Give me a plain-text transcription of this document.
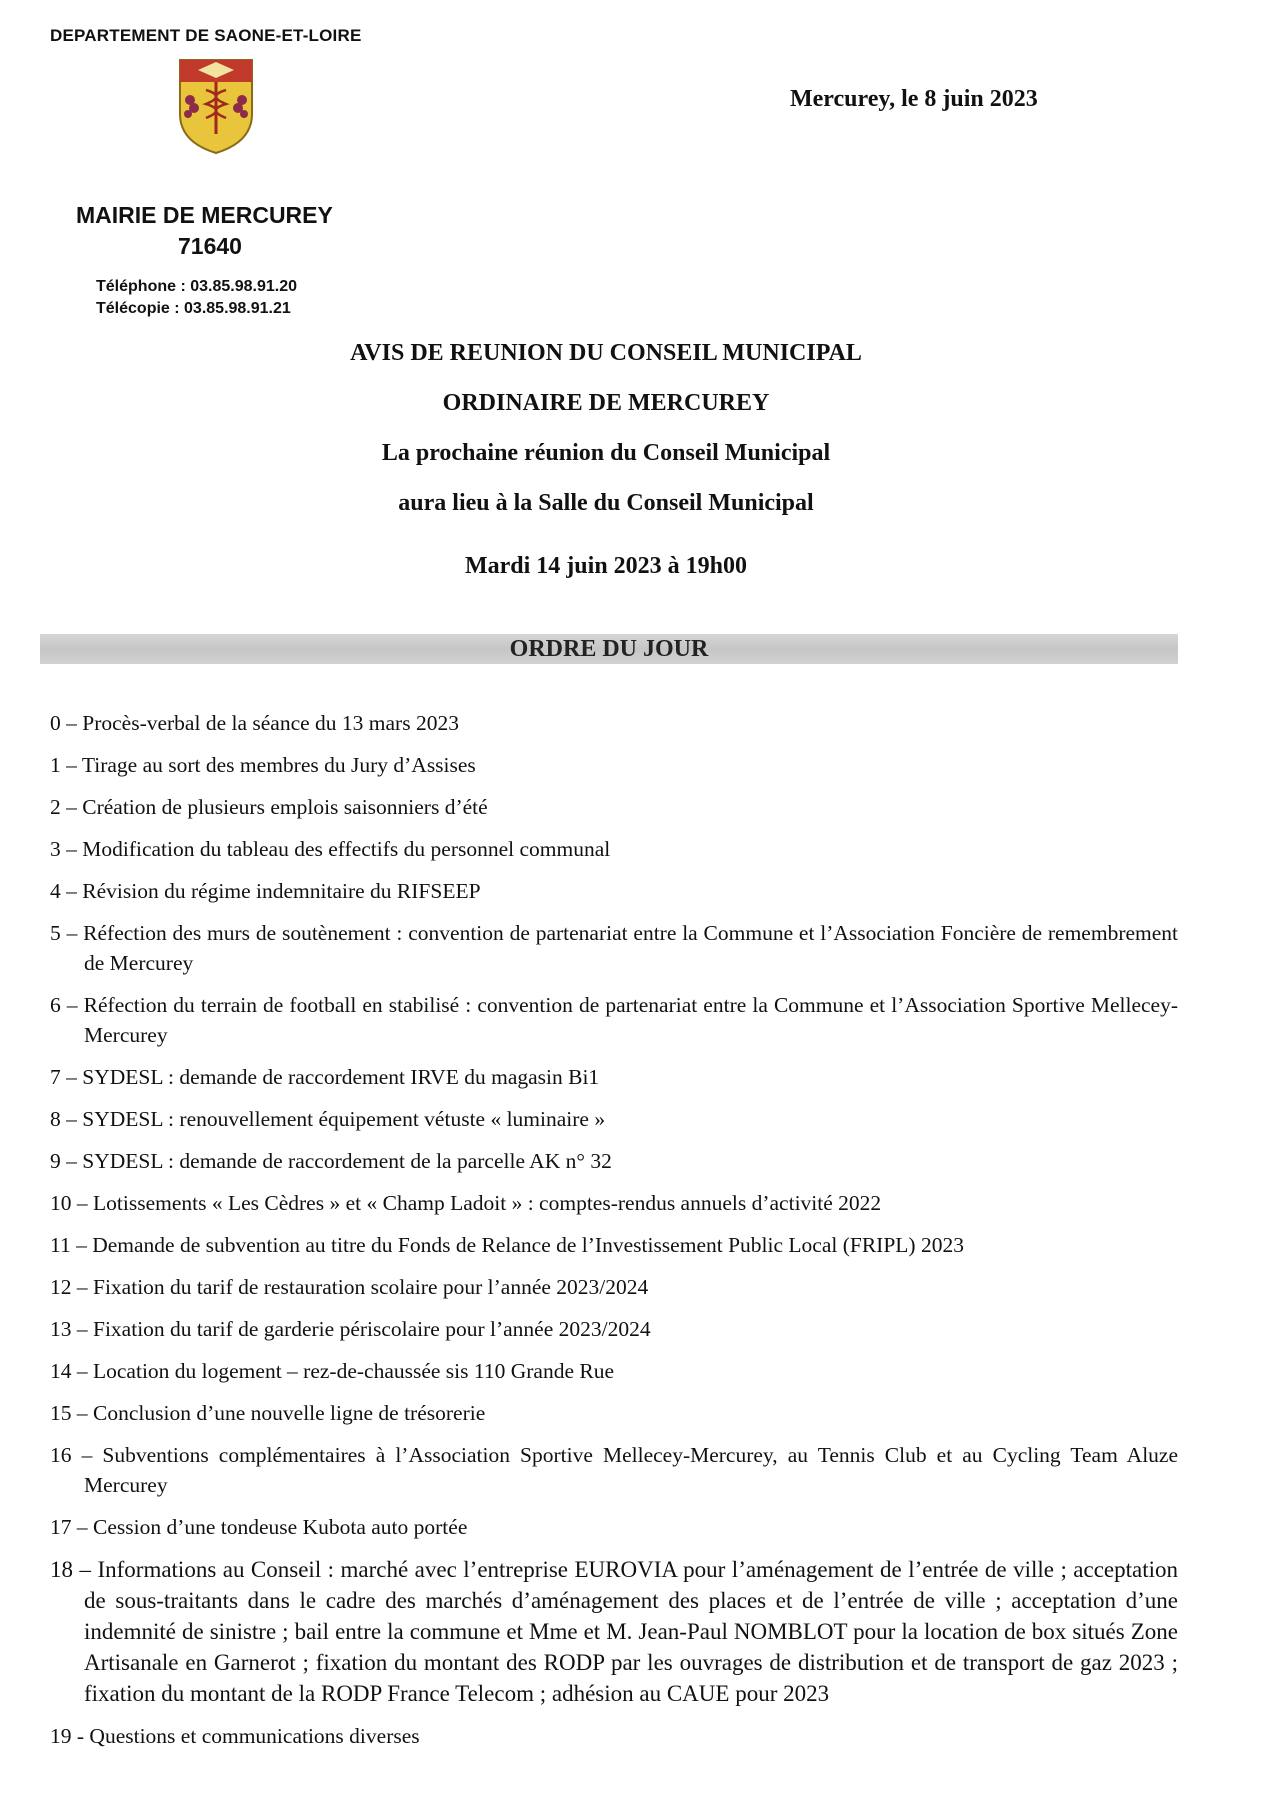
DEPARTEMENT DE SAONE-ET-LOIRE
Mercurey, le 8 juin 2023
MAIRIE DE MERCUREY
71640
Téléphone : 03.85.98.91.20
Télécopie : 03.85.98.91.21
AVIS DE REUNION DU CONSEIL MUNICIPAL
ORDINAIRE DE MERCUREY
La prochaine réunion du Conseil Municipal
aura lieu à la Salle du Conseil Municipal
Mardi 14 juin 2023 à 19h00
ORDRE DU JOUR
0 – Procès-verbal de la séance du 13 mars 2023
1 – Tirage au sort des membres du Jury d’Assises
2 – Création de plusieurs emplois saisonniers d’été
3 – Modification du tableau des effectifs du personnel communal
4 – Révision du régime indemnitaire du RIFSEEP
5 – Réfection des murs de soutènement : convention de partenariat entre la Commune et l’Association Foncière de remembrement de Mercurey
6 – Réfection du terrain de football en stabilisé : convention de partenariat entre la Commune et l’Association Sportive Mellecey-Mercurey
7 – SYDESL : demande de raccordement IRVE du magasin Bi1
8 – SYDESL : renouvellement équipement vétuste « luminaire »
9 – SYDESL : demande de raccordement de la parcelle AK n° 32
10 – Lotissements « Les Cèdres » et « Champ Ladoit » : comptes-rendus annuels d’activité 2022
11 – Demande de subvention au titre du Fonds de Relance de l’Investissement Public Local (FRIPL) 2023
12 – Fixation du tarif de restauration scolaire pour l’année 2023/2024
13 – Fixation du tarif de garderie périscolaire pour l’année 2023/2024
14 – Location du logement – rez-de-chaussée sis 110 Grande Rue
15 – Conclusion d’une nouvelle ligne de trésorerie
16 – Subventions complémentaires à l’Association Sportive Mellecey-Mercurey, au Tennis Club et au Cycling Team Aluze Mercurey
17 – Cession d’une tondeuse Kubota auto portée
18 – Informations au Conseil : marché avec l’entreprise EUROVIA pour l’aménagement de l’entrée de ville ; acceptation de sous-traitants dans le cadre des marchés d’aménagement des places et de l’entrée de ville ; acceptation d’une indemnité de sinistre ; bail entre la commune et Mme et M. Jean-Paul NOMBLOT pour la location de box situés Zone Artisanale en Garnerot ; fixation du montant des RODP par les ouvrages de distribution et de transport de gaz 2023 ; fixation du montant de la RODP France Telecom ; adhésion au CAUE pour 2023
19 - Questions et communications diverses
